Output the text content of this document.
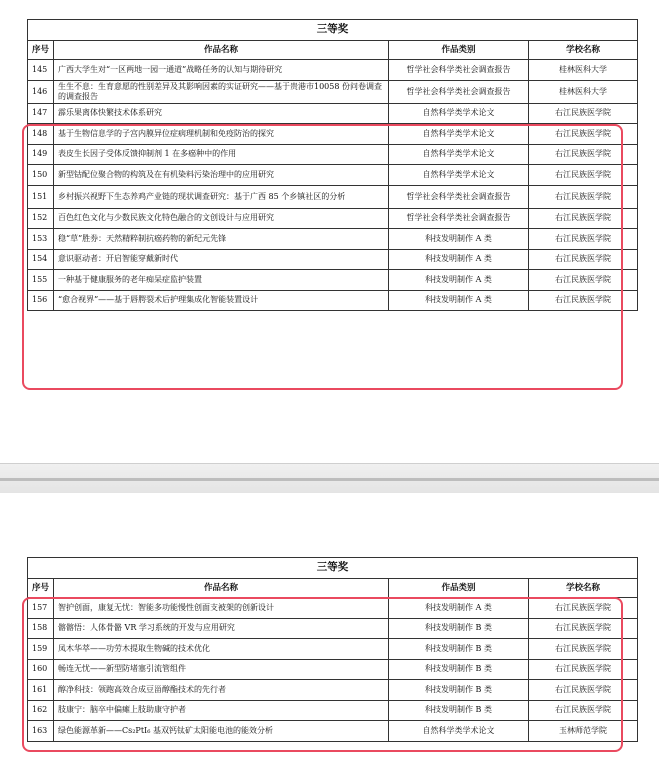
三等奖			
序号	作品名称	作品类别	学校名称
145	广西大学生对“一区两地一园一通道”战略任务的认知与期待研究	哲学社会科学类社会调查报告	桂林医科大学
146	生生不息：生育意愿的性别差异及其影响因素的实证研究——基于贵港市10058 份问卷调查的调查报告	哲学社会科学类社会调查报告	桂林医科大学
147	霹乐果离体快繁技术体系研究	自然科学类学术论文	右江民族医学院
148	基于生物信息学的子宫内膜异位症病理机制和免疫防治的探究	自然科学类学术论文	右江民族医学院
149	表皮生长因子受体反馈抑制剂 1 在多癌种中的作用	自然科学类学术论文	右江民族医学院
150	新型钴配位聚合物的构筑及在有机染料污染治理中的应用研究	自然科学类学术论文	右江民族医学院
151	乡村振兴视野下生态养鸡产业链的现状调查研究：基于广西 85 个乡镇社区的分析	哲学社会科学类社会调查报告	右江民族医学院
152	百色红色文化与少数民族文化特色融合的文创设计与应用研究	哲学社会科学类社会调查报告	右江民族医学院
153	稳“草”胜券：天然精粹制抗癌药物的新纪元先锋	科技发明制作 A 类	右江民族医学院
154	意识驱动者：开启智能穿戴新时代	科技发明制作 A 类	右江民族医学院
155	一种基于健康服务的老年痴呆症监护装置	科技发明制作 A 类	右江民族医学院
156	“愈合视界”——基于唇腭裂术后护理集成化智能装置设计	科技发明制作 A 类	右江民族医学院
三等奖			
序号	作品名称	作品类别	学校名称
157	智护创面，康复无忧：智能多功能慢性创面支被架的创新设计	科技发明制作 A 类	右江民族医学院
158	髂髂悟：人体骨骼 VR 学习系统的开发与应用研究	科技发明制作 B 类	右江民族医学院
159	凤木华萃——功劳木提取生物碱的技术优化	科技发明制作 B 类	右江民族医学院
160	畅连无忧——新型防堵塞引流管组件	科技发明制作 B 类	右江民族医学院
161	醇净科技：领跑高效合成豆甾醇酯技术的先行者	科技发明制作 B 类	右江民族医学院
162	肢康宁：脑卒中偏瘫上肢助康守护者	科技发明制作 B 类	右江民族医学院
163	绿色能源革新——Cs₂PtI₆ 基双钙钛矿太阳能电池的能效分析	自然科学类学术论文	玉林师范学院
